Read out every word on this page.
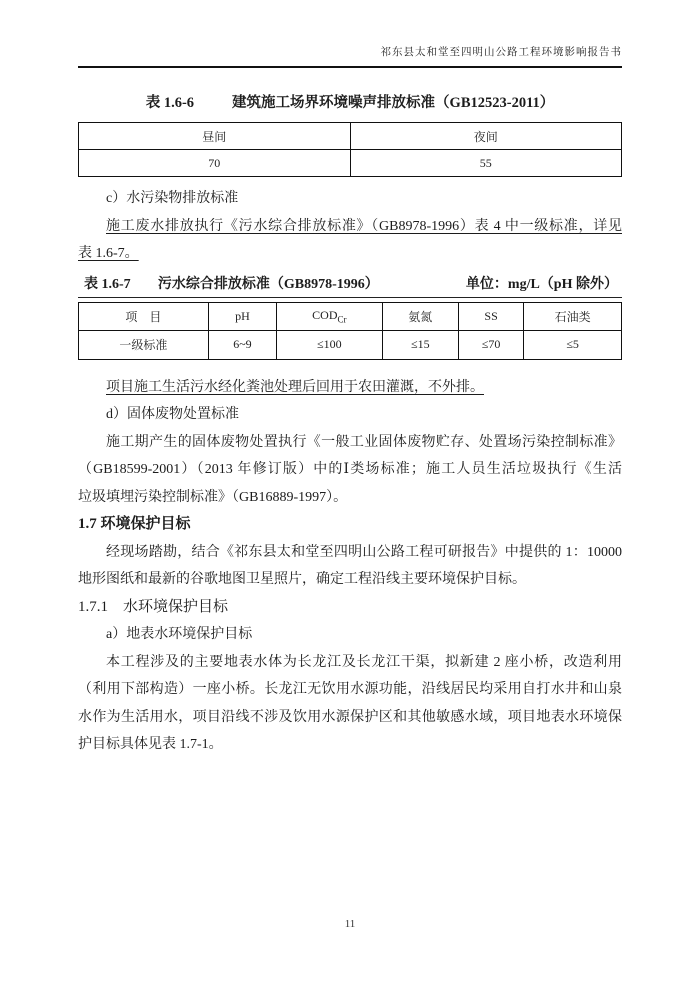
祁东县太和堂至四明山公路工程环境影响报告书
表 1.6-6	建筑施工场界环境噪声排放标准（GB12523-2011）
昼间	夜间
70	55
c）水污染物排放标准
施工废水排放执行《污水综合排放标准》（GB8978-1996）表 4 中一级标准，详见
表 1.6-7。
表 1.6-7 污水综合排放标准（GB8978-1996）	单位：mg/L（pH 除外）
项　目	pH	$COD_{Cr}$	氨氮	SS	石油类
一级标准	6~9	≤100	≤15	≤70	≤5
项目施工生活污水经化粪池处理后回用于农田灌溉，不外排。
d）固体废物处置标准
施工期产生的固体废物处置执行《一般工业固体废物贮存、处置场污染控制标准》
（GB18599-2001）（2013 年修订版）中的Ⅰ类场标准；施工人员生活垃圾执行《生活
垃圾填埋污染控制标准》（GB16889-1997）。
1.7 环境保护目标
经现场踏勘，结合《祁东县太和堂至四明山公路工程可研报告》中提供的 1：10000
地形图纸和最新的谷歌地图卫星照片，确定工程沿线主要环境保护目标。
1.7.1　水环境保护目标
a）地表水环境保护目标
本工程涉及的主要地表水体为长龙江及长龙江干渠，拟新建 2 座小桥，改造利用
（利用下部构造）一座小桥。长龙江无饮用水源功能，沿线居民均采用自打水井和山泉
水作为生活用水，项目沿线不涉及饮用水源保护区和其他敏感水域，项目地表水环境保
护目标具体见表 1.7-1。
11
